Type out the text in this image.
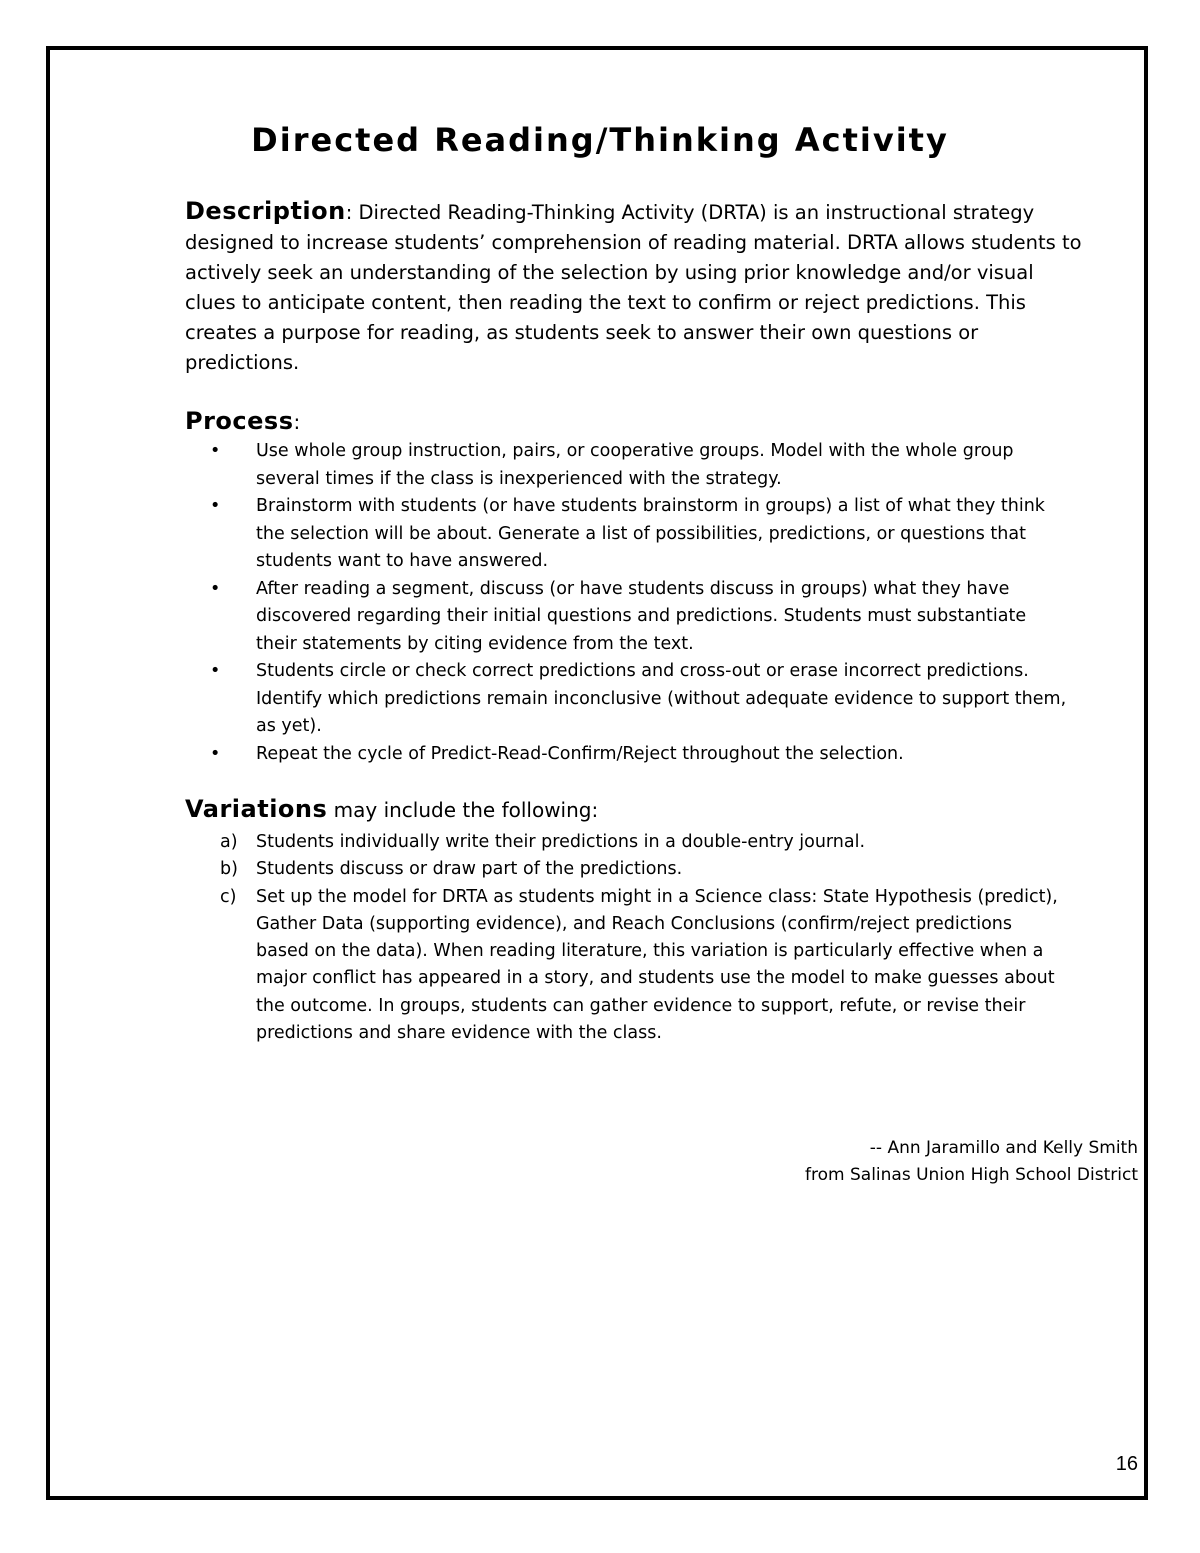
Directed Reading/Thinking Activity

Description: Directed Reading-Thinking Activity (DRTA) is an instructional strategy designed to increase students’ comprehension of reading material. DRTA allows students to actively seek an understanding of the selection by using prior knowledge and/or visual clues to anticipate content, then reading the text to confirm or reject predictions. This creates a purpose for reading, as students seek to answer their own questions or predictions.

Process:
•	Use whole group instruction, pairs, or cooperative groups. Model with the whole group several times if the class is inexperienced with the strategy.
•	Brainstorm with students (or have students brainstorm in groups) a list of what they think the selection will be about. Generate a list of possibilities, predictions, or questions that students want to have answered.
•	After reading a segment, discuss (or have students discuss in groups) what they have discovered regarding their initial questions and predictions. Students must substantiate their statements by citing evidence from the text.
•	Students circle or check correct predictions and cross-out or erase incorrect predictions. Identify which predictions remain inconclusive (without adequate evidence to support them, as yet).
•	Repeat the cycle of Predict-Read-Confirm/Reject throughout the selection.
Variations may include the following:
a) Students individually write their predictions in a double-entry journal.
b) Students discuss or draw part of the predictions.
c) Set up the model for DRTA as students might in a Science class: State Hypothesis (predict), Gather Data (supporting evidence), and Reach Conclusions (confirm/reject predictions based on the data). When reading literature, this variation is particularly effective when a major conflict has appeared in a story, and students use the model to make guesses about the outcome. In groups, students can gather evidence to support, refute, or revise their predictions and share evidence with the class.
-- Ann Jaramillo and Kelly Smith
from Salinas Union High School District
16
